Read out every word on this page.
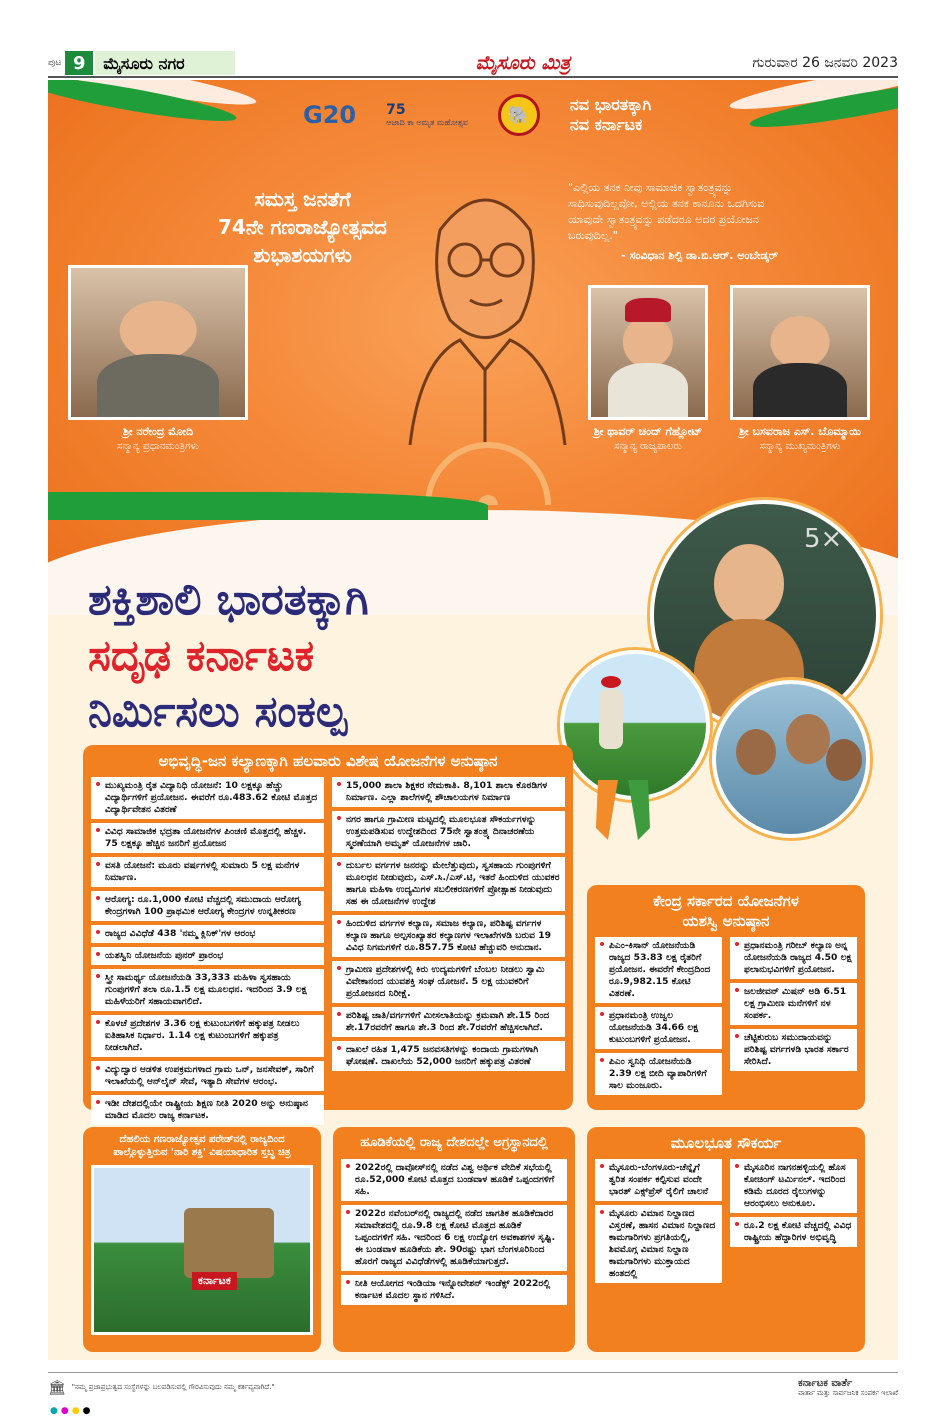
ಪುಟ 9	ಮೈಸೂರು ನಗರ	ಮೈಸೂರು ಮಿತ್ರ	ಗುರುವಾರ 26 ಜನವರಿ 2023
G20 75
ಆಜಾದಿ ಕಾ ಅಮೃತ ಮಹೋತ್ಸವ	🐘	ನವ ಭಾರತಕ್ಕಾಗಿ
ನವ ಕರ್ನಾಟಕ
ಸಮಸ್ತ ಜನತೆಗೆ
74ನೇ ಗಣರಾಜ್ಯೋತ್ಸವದ
ಶುಭಾಶಯಗಳು
"ಎಲ್ಲಿಯ ತನಕ ನೀವು ಸಾಮಾಜಿಕ ಸ್ವಾತಂತ್ರ್ಯವನ್ನು ಸಾಧಿಸುವುದಿಲ್ಲವೋ, ಅಲ್ಲಿಯ ತನಕ ಕಾನೂನು ಒದಗಿಸುವ ಯಾವುದೇ ಸ್ವಾತಂತ್ರ್ಯವನ್ನು ಪಡೆದರೂ ಅದರ ಪ್ರಯೋಜನ ಬರುವುದಿಲ್ಲ."
- ಸಂವಿಧಾನ ಶಿಲ್ಪಿ ಡಾ.ಬಿ.ಆರ್. ಅಂಬೇಡ್ಕರ್
ಶ್ರೀ ನರೇಂದ್ರ ಮೋದಿ
ಸನ್ಮಾನ್ಯ ಪ್ರಧಾನಮಂತ್ರಿಗಳು
ಶ್ರೀ ಥಾವರ್ ಚಂದ್ ಗೆಹ್ಲೋಟ್
ಸನ್ಮಾನ್ಯ ರಾಜ್ಯಪಾಲರು
ಶ್ರೀ ಬಸವರಾಜ ಎಸ್. ಬೊಮ್ಮಾಯಿ
ಸನ್ಮಾನ್ಯ ಮುಖ್ಯಮಂತ್ರಿಗಳು
ಶಕ್ತಿಶಾಲಿ ಭಾರತಕ್ಕಾಗಿ
ಸದೃಢ ಕರ್ನಾಟಕ
ನಿರ್ಮಿಸಲು ಸಂಕಲ್ಪ
5×
ಅಭಿವೃದ್ಧಿ-ಜನ ಕಲ್ಯಾಣಕ್ಕಾಗಿ ಹಲವಾರು ವಿಶೇಷ ಯೋಜನೆಗಳ ಅನುಷ್ಠಾನ
ಮುಖ್ಯಮಂತ್ರಿ ರೈತ ವಿದ್ಯಾನಿಧಿ ಯೋಜನೆ: 10 ಲಕ್ಷಕ್ಕೂ ಹೆಚ್ಚು ವಿದ್ಯಾರ್ಥಿಗಳಿಗೆ ಪ್ರಯೋಜನ. ಈವರೆಗೆ ರೂ.483.62 ಕೋಟಿ ಮೊತ್ತದ ವಿದ್ಯಾರ್ಥಿವೇತನ ವಿತರಣೆ
ವಿವಿಧ ಸಾಮಾಜಿಕ ಭದ್ರತಾ ಯೋಜನೆಗಳ ಪಿಂಚಣಿ ಮೊತ್ತದಲ್ಲಿ ಹೆಚ್ಚಳ. 75 ಲಕ್ಷಕ್ಕೂ ಹೆಚ್ಚಿನ ಜನರಿಗೆ ಪ್ರಯೋಜನ
ವಸತಿ ಯೋಜನೆ: ಮೂರು ವರ್ಷಗಳಲ್ಲಿ ಸುಮಾರು 5 ಲಕ್ಷ ಮನೆಗಳ ನಿರ್ಮಾಣ.
ಆರೋಗ್ಯ: ರೂ.1,000 ಕೋಟಿ ವೆಚ್ಚದಲ್ಲಿ ಸಮುದಾಯ ಆರೋಗ್ಯ ಕೇಂದ್ರಗಳಾಗಿ 100 ಪ್ರಾಥಮಿಕ ಆರೋಗ್ಯ ಕೇಂದ್ರಗಳ ಉನ್ನತೀಕರಣ
ರಾಜ್ಯದ ವಿವಿಧೆಡೆ 438 'ನಮ್ಮ ಕ್ಲಿನಿಕ್'ಗಳ ಆರಂಭ
ಯಶಸ್ವಿನಿ ಯೋಜನೆಯ ಪುನರ್ ಪ್ರಾರಂಭ
ಸ್ತ್ರೀ ಸಾಮರ್ಥ್ಯ ಯೋಜನೆಯಡಿ 33,333 ಮಹಿಳಾ ಸ್ವಸಹಾಯ ಗುಂಪುಗಳಿಗೆ ತಲಾ ರೂ.1.5 ಲಕ್ಷ ಮೂಲಧನ. ಇದರಿಂದ 3.9 ಲಕ್ಷ ಮಹಿಳೆಯರಿಗೆ ಸಹಾಯವಾಗಲಿದೆ.
ಕೊಳಚೆ ಪ್ರದೇಶಗಳ 3.36 ಲಕ್ಷ ಕುಟುಂಬಗಳಿಗೆ ಹಕ್ಕುಪತ್ರ ನೀಡಲು ಐತಿಹಾಸಿಕ ನಿರ್ಧಾರ. 1.14 ಲಕ್ಷ ಕುಟುಂಬಗಳಿಗೆ ಹಕ್ಕುಪತ್ರ ನೀಡಲಾಗಿದೆ.
ವಿದ್ಯುದ್ವಾರ ಆಡಳಿತ ಉಪಕ್ರಮಗಳಾದ ಗ್ರಾಮ ಒನ್, ಜನಸೇವಕ್, ಸಾರಿಗೆ ಇಲಾಖೆಯಲ್ಲಿ ಆನ್‌ಲೈನ್ ಸೇವೆ, ಇತ್ಯಾದಿ ಸೇವೆಗಳ ಆರಂಭ.
ಇಡೀ ದೇಶದಲ್ಲಿಯೇ ರಾಷ್ಟ್ರೀಯ ಶಿಕ್ಷಣ ನೀತಿ 2020 ಅನ್ನು ಅನುಷ್ಠಾನ ಮಾಡಿದ ಮೊದಲ ರಾಜ್ಯ ಕರ್ನಾಟಕ.
15,000 ಶಾಲಾ ಶಿಕ್ಷಕರ ನೇಮಕಾತಿ. 8,101 ಶಾಲಾ ಕೊಠಡಿಗಳ ನಿರ್ಮಾಣ. ಎಲ್ಲಾ ಶಾಲೆಗಳಲ್ಲಿ ಶೌಚಾಲಯಗಳ ನಿರ್ಮಾಣ
ನಗರ ಹಾಗೂ ಗ್ರಾಮೀಣ ಮಟ್ಟದಲ್ಲಿ ಮೂಲಭೂತ ಸೌಕರ್ಯಗಳನ್ನು ಉತ್ತಮಪಡಿಸುವ ಉದ್ದೇಶದಿಂದ 75ನೇ ಸ್ವಾತಂತ್ರ್ಯ ದಿನಾಚರಣೆಯ ಸ್ಮರಣೆಯಾಗಿ ಅಮೃತ್ ಯೋಜನೆಗಳ ಜಾರಿ.
ದುರ್ಬಲ ವರ್ಗಗಳ ಜನರನ್ನು ಮೇಲೆತ್ತುವುದು, ಸ್ವಸಹಾಯ ಗುಂಪುಗಳಿಗೆ ಮೂಲಧನ ನೀಡುವುದು, ಎಸ್.ಸಿ./ಎಸ್.ಟಿ, ಇತರೆ ಹಿಂದುಳಿದ ಯುವಕರ ಹಾಗೂ ಮಹಿಳಾ ಉದ್ಯಮಿಗಳ ಸಬಲೀಕರಣಗಳಿಗೆ ಪ್ರೋತ್ಸಾಹ ನೀಡುವುದು ಸಹ ಈ ಯೋಜನೆಗಳ ಉದ್ದೇಶ
ಹಿಂದುಳಿದ ವರ್ಗಗಳ ಕಲ್ಯಾಣ, ಸಮಾಜ ಕಲ್ಯಾಣ, ಪರಿಶಿಷ್ಟ ವರ್ಗಗಳ ಕಲ್ಯಾಣ ಹಾಗೂ ಅಲ್ಪಸಂಖ್ಯಾತರ ಕಲ್ಯಾಣಗಳ ಇಲಾಖೆಗಳಡಿ ಬರುವ 19 ವಿವಿಧ ನಿಗಮಗಳಿಗೆ ರೂ.857.75 ಕೋಟಿ ಹೆಚ್ಚುವರಿ ಅನುದಾನ.
ಗ್ರಾಮೀಣ ಪ್ರದೇಶಗಳಲ್ಲಿ ಕಿರು ಉದ್ಯಮಗಳಿಗೆ ಬೆಂಬಲ ನೀಡಲು ಸ್ವಾಮಿ ವಿವೇಕಾನಂದ ಯುವಶಕ್ತಿ ಸಂಘ ಯೋಜನೆ. 5 ಲಕ್ಷ ಯುವಕರಿಗೆ ಪ್ರಯೋಜನದ ನಿರೀಕ್ಷೆ.
ಪರಿಶಿಷ್ಟ ಜಾತಿ/ವರ್ಗಗಳಿಗೆ ಮೀಸಲಾತಿಯನ್ನು ಕ್ರಮವಾಗಿ ಶೇ.15 ರಿಂದ ಶೇ.17ರವರೆಗೆ ಹಾಗೂ ಶೇ.3 ರಿಂದ ಶೇ.7ರವರೆಗೆ ಹೆಚ್ಚಿಸಲಾಗಿದೆ.
ದಾಖಲೆ ರಹಿತ 1,475 ಜನವಸತಿಗಳನ್ನು ಕಂದಾಯ ಗ್ರಾಮಗಳಾಗಿ ಘೋಷಣೆ. ದಾಖಲೆಯ 52,000 ಜನರಿಗೆ ಹಕ್ಕುಪತ್ರ ವಿತರಣೆ
ಕೇಂದ್ರ ಸರ್ಕಾರದ ಯೋಜನೆಗಳ
ಯಶಸ್ವಿ ಅನುಷ್ಠಾನ
ಪಿಎಂ-ಕಿಸಾನ್ ಯೋಜನೆಯಡಿ ರಾಜ್ಯದ 53.83 ಲಕ್ಷ ರೈತರಿಗೆ ಪ್ರಯೋಜನ. ಈವರೆಗೆ ಕೇಂದ್ರದಿಂದ ರೂ.9,982.15 ಕೋಟಿ ವಿತರಣೆ.
ಪ್ರಧಾನಮಂತ್ರಿ ಉಜ್ವಲ ಯೋಜನೆಯಡಿ 34.66 ಲಕ್ಷ ಕುಟುಂಬಗಳಿಗೆ ಪ್ರಯೋಜನ.
ಪಿಎಂ ಸ್ವನಿಧಿ ಯೋಜನೆಯಡಿ 2.39 ಲಕ್ಷ ಬೀದಿ ವ್ಯಾಪಾರಿಗಳಿಗೆ ಸಾಲ ಮಂಜೂರು.
ಪ್ರಧಾನಮಂತ್ರಿ ಗರೀಬ್ ಕಲ್ಯಾಣ ಅನ್ನ ಯೋಜನೆಯಡಿ ರಾಜ್ಯದ 4.50 ಲಕ್ಷ ಫಲಾನುಭವಿಗಳಿಗೆ ಪ್ರಯೋಜನ.
ಜಲಜೀವನ್ ಮಿಷನ್ ಅಡಿ 6.51 ಲಕ್ಷ ಗ್ರಾಮೀಣ ಮನೆಗಳಿಗೆ ನಳ ಸಂಪರ್ಕ.
ಚೆಟ್ಟಿಕುರುಬ ಸಮುದಾಯವನ್ನು ಪರಿಶಿಷ್ಟ ವರ್ಗಗಳಡಿ ಭಾರತ ಸರ್ಕಾರ ಸೇರಿಸಿದೆ.
ದೆಹಲಿಯ ಗಣರಾಜ್ಯೋತ್ಸವ ಪರೇಡ್‌ನಲ್ಲಿ ರಾಜ್ಯದಿಂದ ಪಾಲ್ಗೊಳ್ಳುತ್ತಿರುವ 'ನಾರಿ ಶಕ್ತಿ' ವಿಷಯಾಧಾರಿತ ಸ್ತಬ್ಧ ಚಿತ್ರ
ಕರ್ನಾಟಕ
ಹೂಡಿಕೆಯಲ್ಲಿ ರಾಜ್ಯ ದೇಶದಲ್ಲೇ ಅಗ್ರಸ್ಥಾನದಲ್ಲಿ
2022ರಲ್ಲಿ ದಾವೋಸ್‌ನಲ್ಲಿ ನಡೆದ ವಿಶ್ವ ಆರ್ಥಿಕ ವೇದಿಕೆ ಸಭೆಯಲ್ಲಿ ರೂ.52,000 ಕೋಟಿ ಮೊತ್ತದ ಬಂಡವಾಳ ಹೂಡಿಕೆ ಒಪ್ಪಂದಗಳಿಗೆ ಸಹಿ.
2022ರ ನವೆಂಬರ್‌ನಲ್ಲಿ ರಾಜ್ಯದಲ್ಲಿ ನಡೆದ ಜಾಗತಿಕ ಹೂಡಿಕೆದಾರರ ಸಮಾವೇಶದಲ್ಲಿ ರೂ.9.8 ಲಕ್ಷ ಕೋಟಿ ಮೊತ್ತದ ಹೂಡಿಕೆ ಒಪ್ಪಂದಗಳಿಗೆ ಸಹಿ. ಇದರಿಂದ 6 ಲಕ್ಷ ಉದ್ಯೋಗ ಅವಕಾಶಗಳ ಸೃಷ್ಟಿ. ಈ ಬಂಡವಾಳ ಹೂಡಿಕೆಯ ಶೇ. 90ರಷ್ಟು ಭಾಗ ಬೆಂಗಳೂರಿನಿಂದ ಹೊರಗೆ ರಾಜ್ಯದ ವಿವಿಧೆಡೆಗಳಲ್ಲಿ ಹೂಡಿಕೆಯಾಗುತ್ತದೆ.
ನೀತಿ ಆಯೋಗದ ಇಂಡಿಯಾ ಇನ್ನೋವೇಶನ್ ಇಂಡೆಕ್ಸ್ 2022ರಲ್ಲಿ ಕರ್ನಾಟಕ ಮೊದಲ ಸ್ಥಾನ ಗಳಿಸಿದೆ.
ಮೂಲಭೂತ ಸೌಕರ್ಯ
ಮೈಸೂರು-ಬೆಂಗಳೂರು-ಚೆನ್ನೈಗೆ ತ್ವರಿತ ಸಂಪರ್ಕ ಕಲ್ಪಿಸುವ ವಂದೇ ಭಾರತ್ ಎಕ್ಸ್‌ಪ್ರೆಸ್ ರೈಲಿಗೆ ಚಾಲನೆ
ಮೈಸೂರು ವಿಮಾನ ನಿಲ್ದಾಣದ ವಿಸ್ತರಣೆ, ಹಾಸನ ವಿಮಾನ ನಿಲ್ದಾಣದ ಕಾಮಗಾರಿಗಳು ಪ್ರಗತಿಯಲ್ಲಿ, ಶಿವಮೊಗ್ಗ ವಿಮಾನ ನಿಲ್ದಾಣ ಕಾಮಗಾರಿಗಳು ಮುಕ್ತಾಯದ ಹಂತದಲ್ಲಿ
ಮೈಸೂರಿನ ನಾಗನಹಳ್ಳಿಯಲ್ಲಿ ಹೊಸ ಕೋಚಿಂಗ್ ಟರ್ಮಿನಲ್. ಇದರಿಂದ ಕಡಿಮೆ ದೂರದ ರೈಲುಗಳನ್ನು ಆರಂಭಿಸಲು ಅನುಕೂಲ.
ರೂ.2 ಲಕ್ಷ ಕೋಟಿ ವೆಚ್ಚದಲ್ಲಿ ವಿವಿಧ ರಾಷ್ಟ್ರೀಯ ಹೆದ್ದಾರಿಗಳ ಅಭಿವೃದ್ಧಿ
🏛 "ನಮ್ಮ ಪ್ರಜಾಪ್ರಭುತ್ವದ ಸಂಸ್ಥೆಗಳನ್ನು ಬಲಪಡಿಸುವಲ್ಲಿ ಗೌರವಿಸುವುದು ನಮ್ಮ ಕರ್ತವ್ಯವಾಗಿದೆ."	ಕರ್ನಾಟಕ ವಾರ್ತೆ
ವಾರ್ತಾ ಮತ್ತು ಸಾರ್ವಜನಿಕ ಸಂಪರ್ಕ ಇಲಾಖೆ
●●●●
